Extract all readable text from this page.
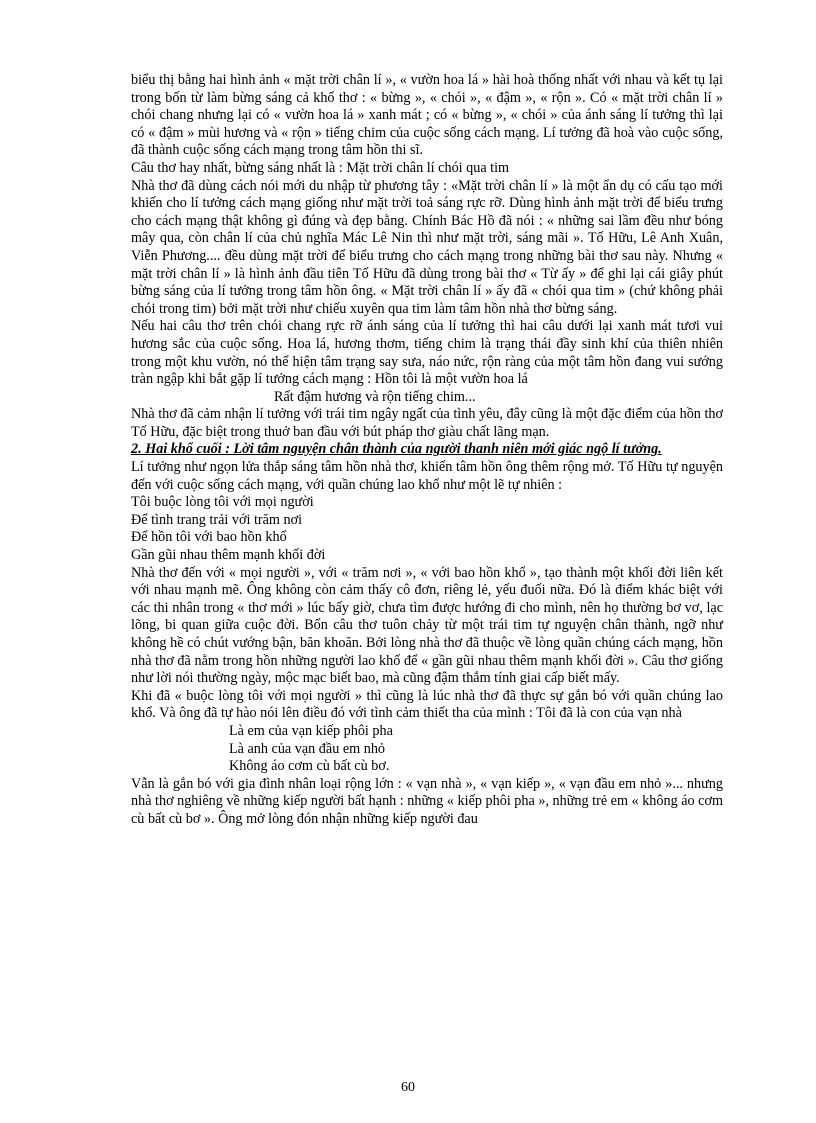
biểu thị bằng hai hình ảnh « mặt trời chân lí », « vườn hoa lá » hài hoà thống nhất với nhau và kết tụ lại trong bốn từ làm bừng sáng cả khổ thơ : « bừng », « chói », « đậm », « rộn ». Có « mặt trời chân lí » chói chang nhưng lại có « vườn hoa lá » xanh mát ; có « bừng », « chói » của ánh sáng lí tưởng thì lại có « đậm » mùi hương và « rộn » tiếng chim của cuộc sống cách mạng. Lí tưởng đã hoà vào cuộc sống, đã thành cuộc sống cách mạng trong tâm hồn thi sĩ.

Câu thơ hay nhất, bừng sáng nhất là : Mặt trời chân lí chói qua tim

Nhà thơ đã dùng cách nói mới du nhập từ phương tây : «Mặt trời chân lí » là một ẩn dụ có cấu tạo mới khiến cho lí tưởng cách mạng giống như mặt trời toả sáng rực rỡ. Dùng hình ảnh mặt trời để biểu trưng cho cách mạng thật không gì đúng và đẹp bằng. Chính Bác Hồ đã nói : « những sai lầm đều như bóng mây qua, còn chân lí của chủ nghĩa Mác Lê Nin thì như mặt trời, sáng mãi ». Tố Hữu, Lê Anh Xuân, Viễn Phương.... đều dùng mặt trời để biểu trưng cho cách mạng trong những bài thơ sau này. Nhưng « mặt trời chân lí » là hình ảnh đầu tiên Tố Hữu đã dùng trong bài thơ « Từ ấy » để ghi lại cái giây phút bừng sáng của lí tưởng trong tâm hồn ông. « Mặt trời chân lí » ấy đã « chói qua tim » (chứ không phải chói trong tim) bởi mặt trời như chiếu xuyên qua tim làm tâm hồn nhà thơ bừng sáng.

Nếu hai câu thơ trên chói chang rực rỡ ánh sáng của lí tưởng thì hai câu dưới lại xanh mát tươi vui hương sắc của cuộc sống. Hoa lá, hương thơm, tiếng chim là trạng thái đầy sinh khí của thiên nhiên trong một khu vườn, nó thể hiện tâm trạng say sưa, náo nức, rộn ràng của một tâm hồn đang vui sướng tràn ngập khi bắt gặp lí tưởng cách mạng : Hồn tôi là một vườn hoa lá

Rất đậm hương và rộn tiếng chim...

Nhà thơ đã cảm nhận lí tưởng với trái tim ngây ngất của tình yêu, đây cũng là một đặc điểm của hồn thơ Tố Hữu, đặc biệt trong thuở ban đầu với bút pháp thơ giàu chất lãng mạn.

2. Hai khổ cuối : Lời tâm nguyện chân thành của người thanh niên mới giác ngộ lí tưởng.

Lí tưởng như ngọn lửa thắp sáng tâm hồn nhà thơ, khiến tâm hồn ông thêm rộng mở. Tố Hữu tự nguyện đến với cuộc sống cách mạng, với quần chúng lao khổ như một lẽ tự nhiên :

Tôi buộc lòng tôi với mọi người

Để tình trang trải với trăm nơi

Để hồn tôi với bao hồn khổ

Gần gũi nhau thêm mạnh khối đời

Nhà thơ đến với « mọi người », với « trăm nơi », « với bao hồn khổ », tạo thành một khối đời liên kết với nhau mạnh mẽ. Ông không còn cảm thấy cô đơn, riêng lẻ, yếu đuối nữa. Đó là điểm khác biệt với các thi nhân trong « thơ mới » lúc bấy giờ, chưa tìm được hướng đi cho mình, nên họ thường bơ vơ, lạc lõng, bi quan giữa cuộc đời. Bốn câu thơ tuôn chảy từ một trái tim tự nguyện chân thành, ngỡ như không hề có chút vướng bận, băn khoăn. Bởi lòng nhà thơ đã thuộc về lòng quần chúng cách mạng, hồn nhà thơ đã nằm trong hồn những người lao khổ để « gần gũi nhau thêm mạnh khối đời ». Câu thơ giống như lời nói thường ngày, mộc mạc biết bao, mà cũng đậm thắm tính giai cấp biết mấy.

Khi đã « buộc lòng tôi với mọi người » thì cũng là lúc nhà thơ đã thực sự gắn bó với quần chúng lao khổ. Và ông đã tự hào nói lên điều đó với tình cảm thiết tha của mình : Tôi đã là con của vạn nhà

Là em của vạn kiếp phôi pha

Là anh của vạn đầu em nhỏ

Không áo cơm cù bất cù bơ.

Vẫn là gắn bó với gia đình nhân loại rộng lớn : « vạn nhà », « vạn kiếp », « vạn đầu em nhỏ »... nhưng nhà thơ nghiêng về những kiếp người bất hạnh : những « kiếp phôi pha », những trẻ em « không áo cơm cù bất cù bơ ». Ông mở lòng đón nhận những kiếp người đau

60
